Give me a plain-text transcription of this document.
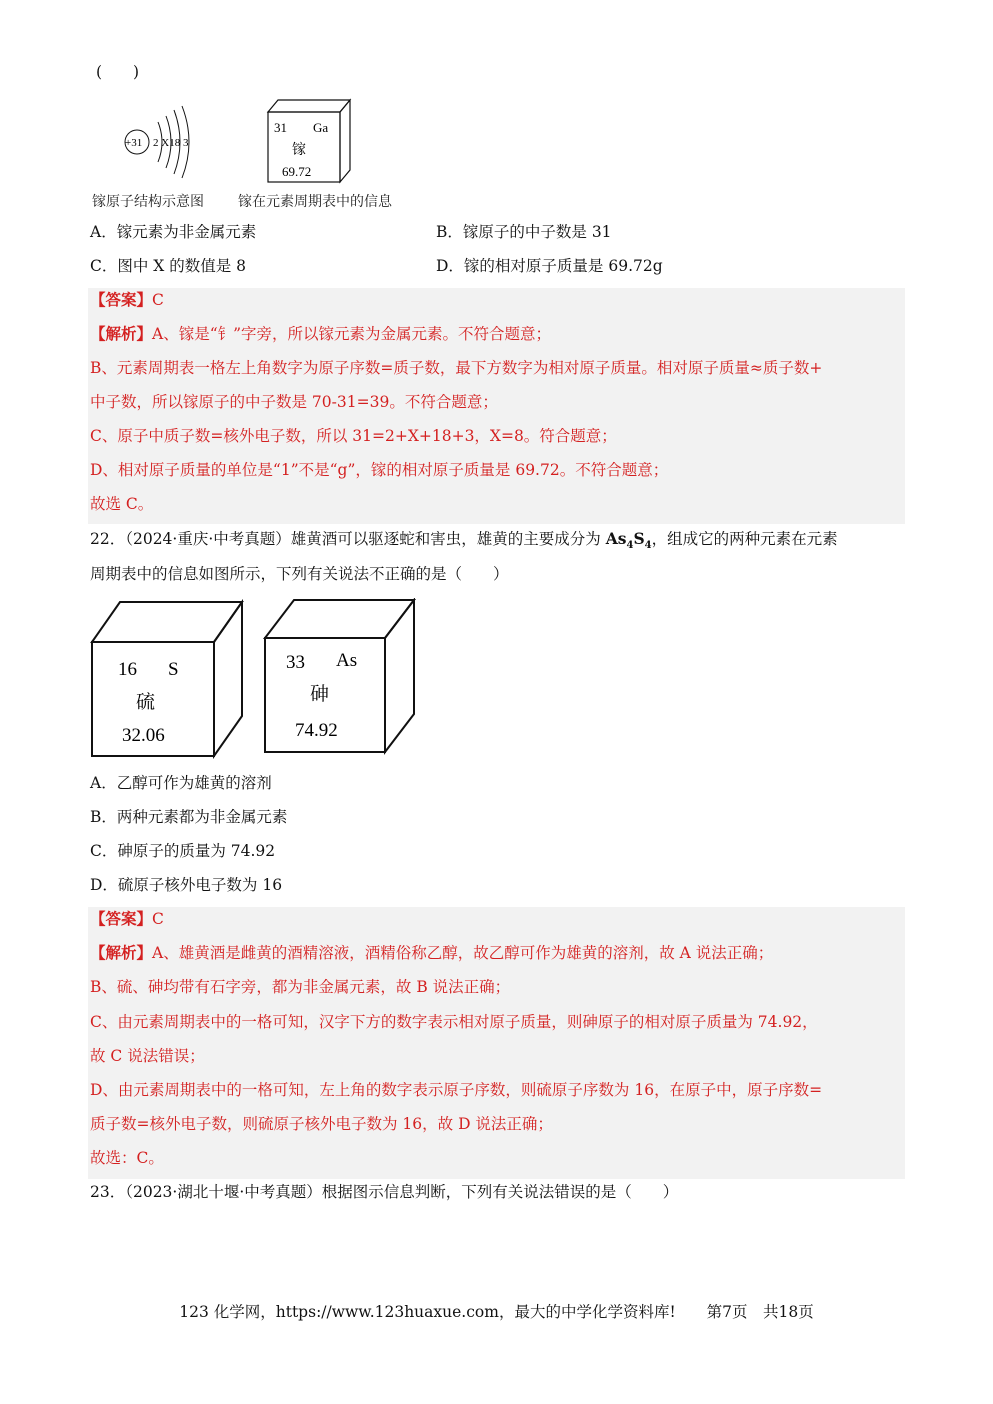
(　　)
+31 2 X18 3
31 Ga
镓
69.72
镓原子结构示意图 镓在元素周期表中的信息
A．镓元素为非金属元素	B．镓原子的中子数是 31
C．图中 X 的数值是 8	D．镓的相对原子质量是 69.72g
【答案】C
【解析】A、镓是“钅”字旁，所以镓元素为金属元素。不符合题意；
B、元素周期表一格左上角数字为原子序数=质子数，最下方数字为相对原子质量。相对原子质量≈质子数+
中子数，所以镓原子的中子数是 70-31=39。不符合题意；
C、原子中质子数=核外电子数，所以 31=2+X+18+3，X=8。符合题意；
D、相对原子质量的单位是“1”不是“g”，镓的相对原子质量是 69.72。不符合题意；
故选 C。
22．（2024·重庆·中考真题）雄黄酒可以驱逐蛇和害虫，雄黄的主要成分为 $As_4S_4$，组成它的两种元素在元素
周期表中的信息如图所示，下列有关说法不正确的是（　　）
16 S
硫
32.06
33 As
砷
74.92
A．乙醇可作为雄黄的溶剂
B．两种元素都为非金属元素
C．砷原子的质量为 74.92
D．硫原子核外电子数为 16
【答案】C
【解析】A、雄黄酒是雌黄的酒精溶液，酒精俗称乙醇，故乙醇可作为雄黄的溶剂，故 A 说法正确；
B、硫、砷均带有石字旁，都为非金属元素，故 B 说法正确；
C、由元素周期表中的一格可知，汉字下方的数字表示相对原子质量，则砷原子的相对原子质量为 74.92，
故 C 说法错误；
D、由元素周期表中的一格可知，左上角的数字表示原子序数，则硫原子序数为 16，在原子中，原子序数=
质子数=核外电子数，则硫原子核外电子数为 16，故 D 说法正确；
故选：C。
23．（2023·湖北十堰·中考真题）根据图示信息判断，下列有关说法错误的是（　　）
123 化学网，https://www.123huaxue.com，最大的中学化学资料库!　　第7页　共18页
